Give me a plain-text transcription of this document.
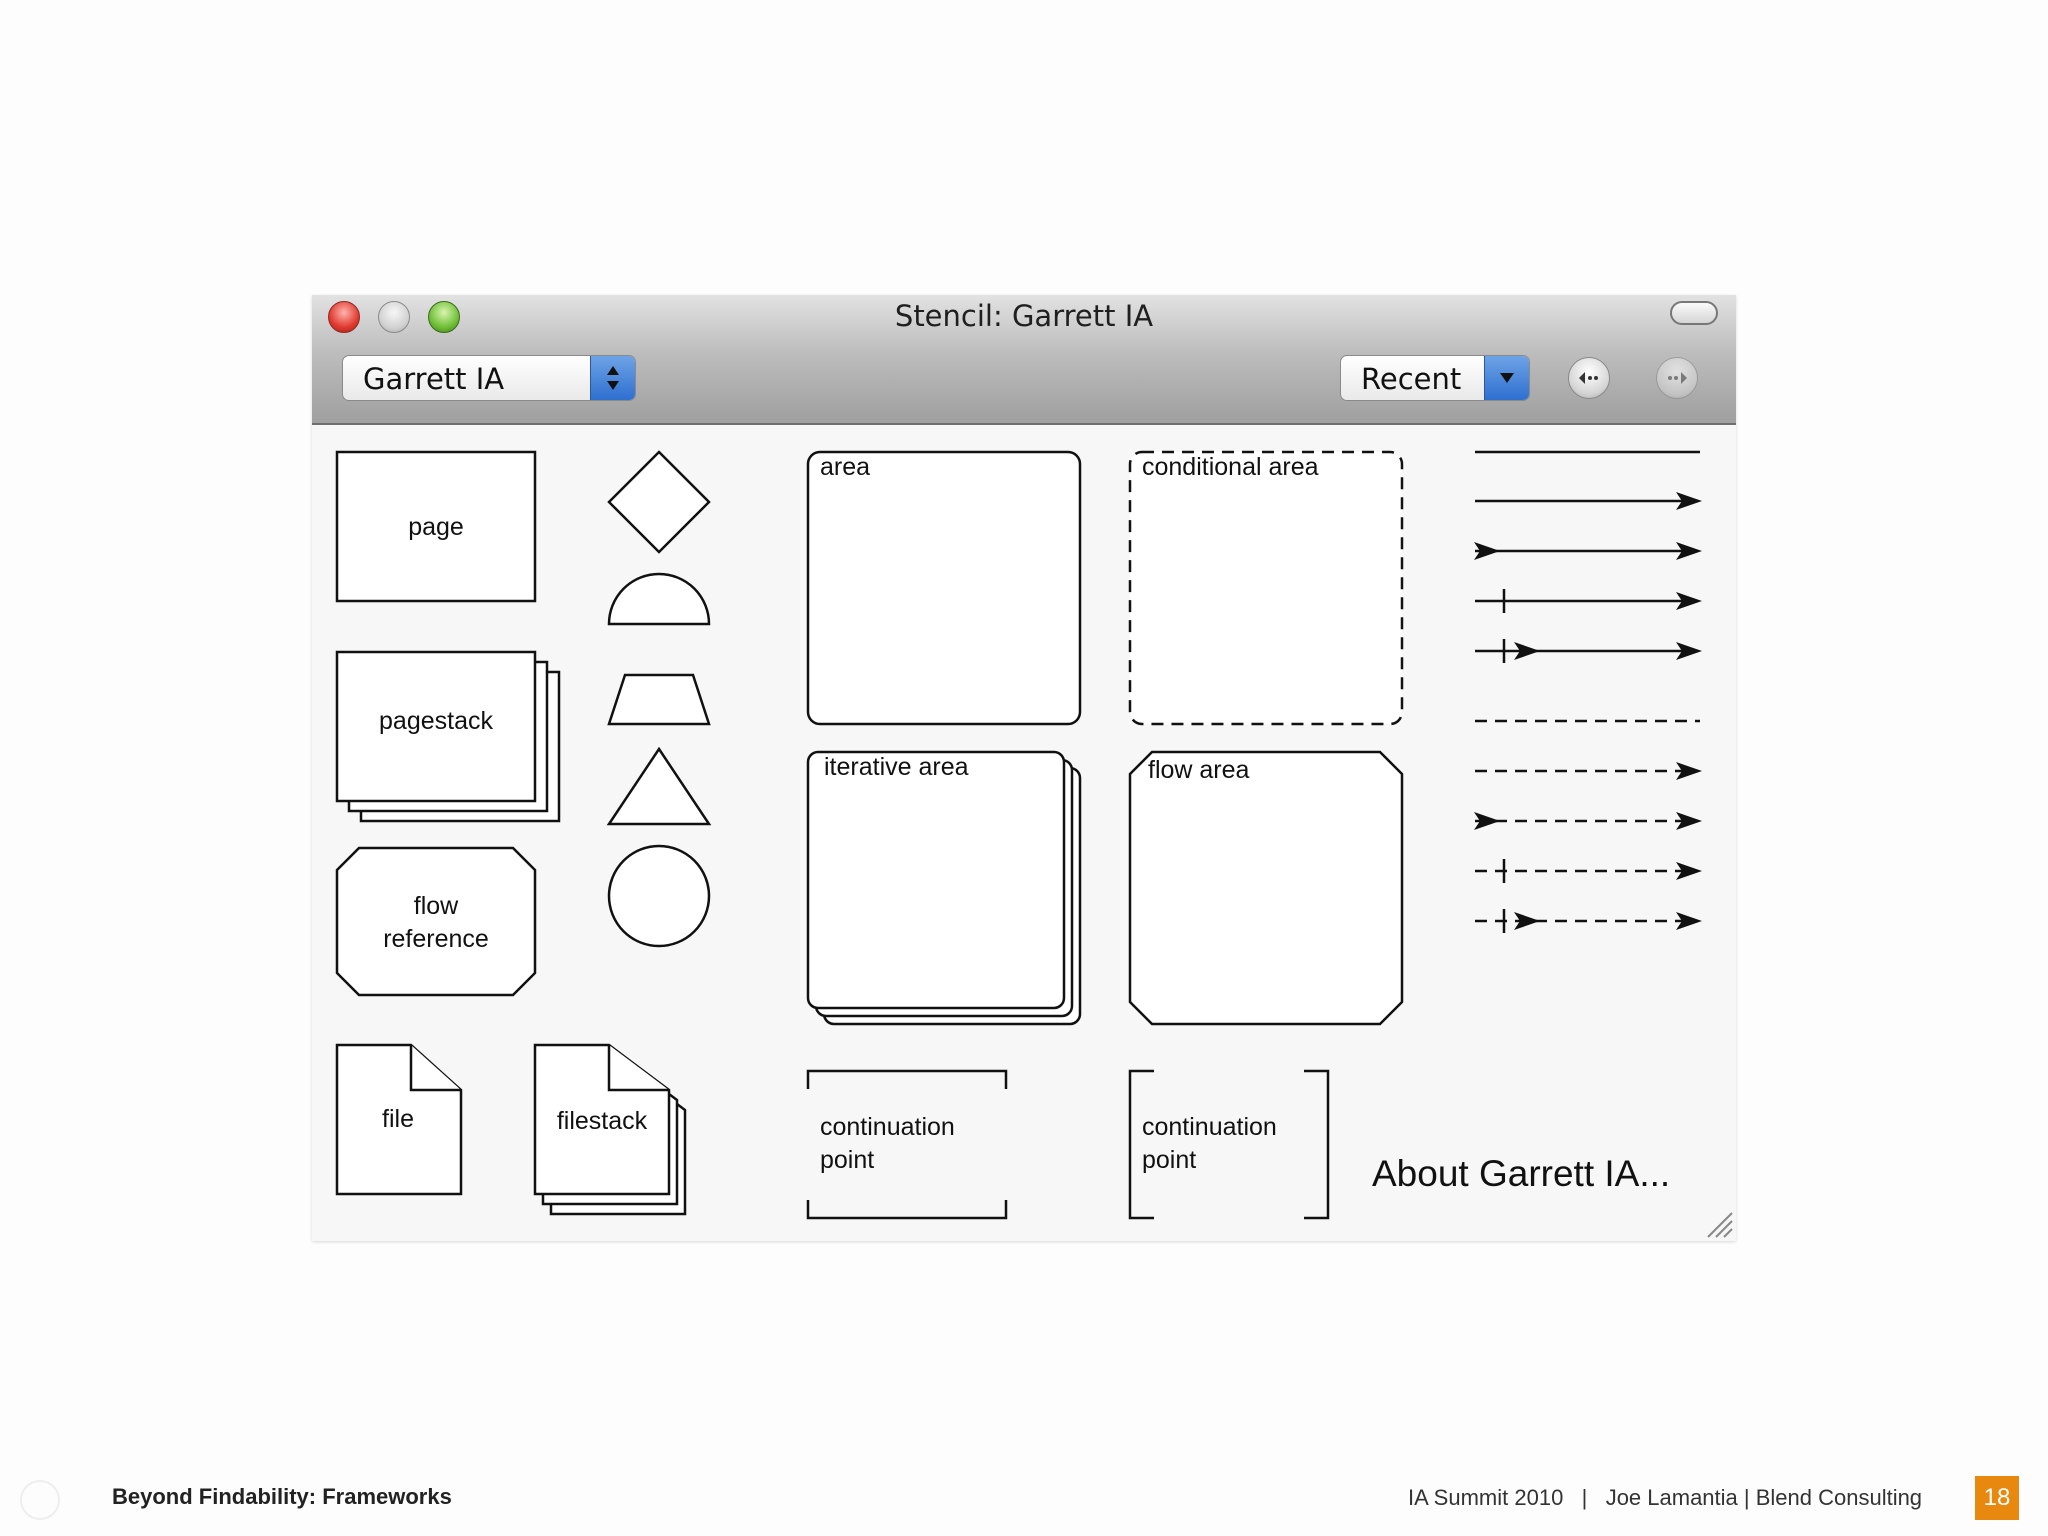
Stencil: Garrett IA
Garrett IA	Recent
page
pagestack
flow
reference
file	filestack
area	conditional area
iterative area	flow area
continuation
point
continuation
point	About Garrett IA...
Beyond Findability: Frameworks	IA Summit 2010   |   Joe Lamantia | Blend Consulting	18
